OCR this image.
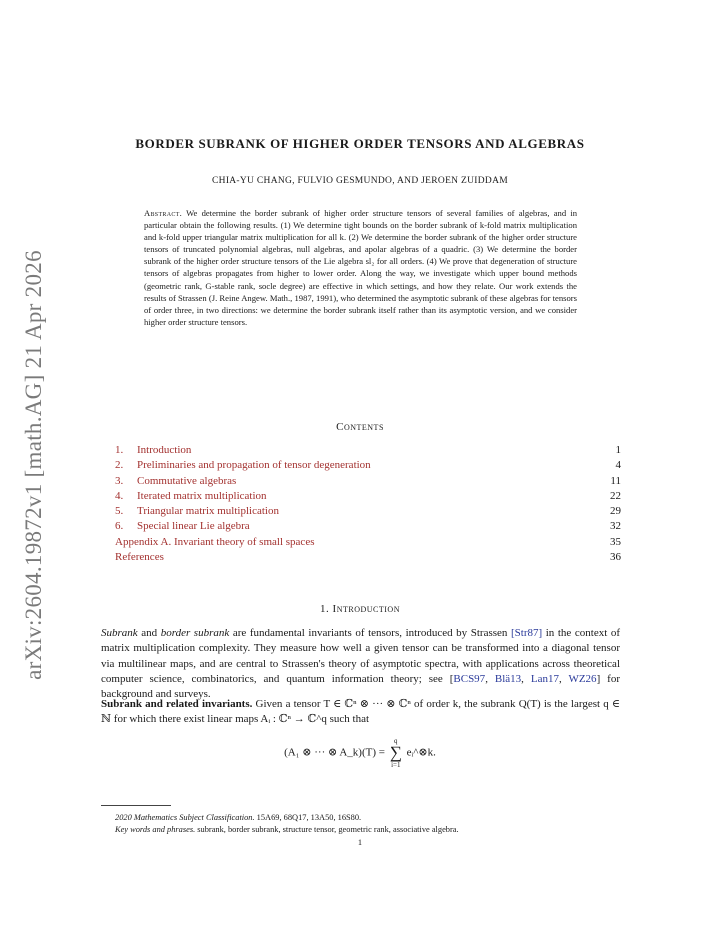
arXiv:2604.19872v1 [math.AG] 21 Apr 2026
BORDER SUBRANK OF HIGHER ORDER TENSORS AND ALGEBRAS
CHIA-YU CHANG, FULVIO GESMUNDO, AND JEROEN ZUIDDAM
Abstract. We determine the border subrank of higher order structure tensors of several families of algebras, and in particular obtain the following results. (1) We determine tight bounds on the border subrank of k-fold matrix multiplication and k-fold upper triangular matrix multiplication for all k. (2) We determine the border subrank of the higher order structure tensors of truncated polynomial algebras, null algebras, and apolar algebras of a quadric. (3) We determine the border subrank of the higher order structure tensors of the Lie algebra sl₂ for all orders. (4) We prove that degeneration of structure tensors of algebras propagates from higher to lower order. Along the way, we investigate which upper bound methods (geometric rank, G-stable rank, socle degree) are effective in which settings, and how they relate. Our work extends the results of Strassen (J. Reine Angew. Math., 1987, 1991), who determined the asymptotic subrank of these algebras for tensors of order three, in two directions: we determine the border subrank itself rather than its asymptotic version, and we consider higher order structure tensors.
Contents
1. Introduction	1
2. Preliminaries and propagation of tensor degeneration	4
3. Commutative algebras	11
4. Iterated matrix multiplication	22
5. Triangular matrix multiplication	29
6. Special linear Lie algebra	32
Appendix A. Invariant theory of small spaces	35
References	36
1. Introduction
Subrank and border subrank are fundamental invariants of tensors, introduced by Strassen [Str87] in the context of matrix multiplication complexity. They measure how well a given tensor can be transformed into a diagonal tensor via multilinear maps, and are central to Strassen's theory of asymptotic spectra, with applications across theoretical computer science, combinatorics, and quantum information theory; see [BCS97, Blä13, Lan17, WZ26] for background and surveys.
Subrank and related invariants. Given a tensor T ∈ ℂⁿ ⊗ ··· ⊗ ℂⁿ of order k, the subrank Q(T) is the largest q ∈ ℕ for which there exist linear maps Aᵢ : ℂⁿ → ℂ^q such that
(A₁ ⊗ ··· ⊗ A_k)(T) =
q
∑
i=1
eᵢ^⊗k.
2020 Mathematics Subject Classification. 15A69, 68Q17, 13A50, 16S80.
Key words and phrases. subrank, border subrank, structure tensor, geometric rank, associative algebra.
1
